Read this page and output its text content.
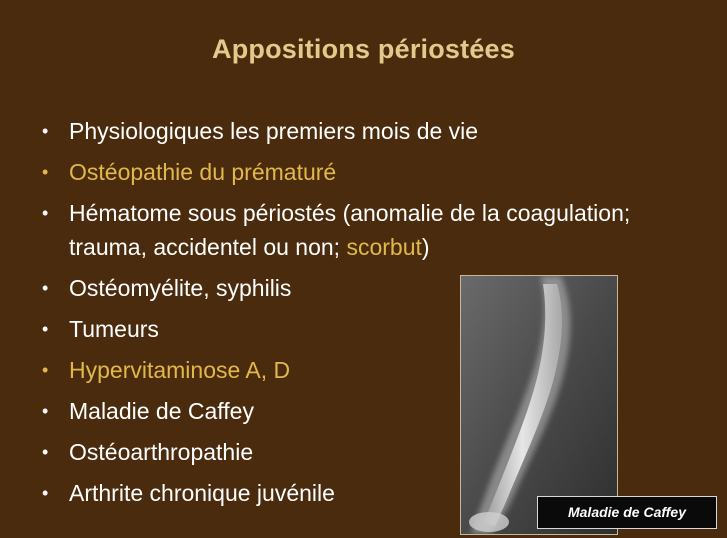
Appositions périostées
• Physiologiques les premiers mois de vie
• Ostéopathie du prématuré
• Hématome sous périostés (anomalie de la coagulation; trauma, accidentel ou non; scorbut)
• Ostéomyélite, syphilis
• Tumeurs
• Hypervitaminose A, D
• Maladie de Caffey
• Ostéoarthropathie
• Arthrite chronique juvénile
Maladie de Caffey
